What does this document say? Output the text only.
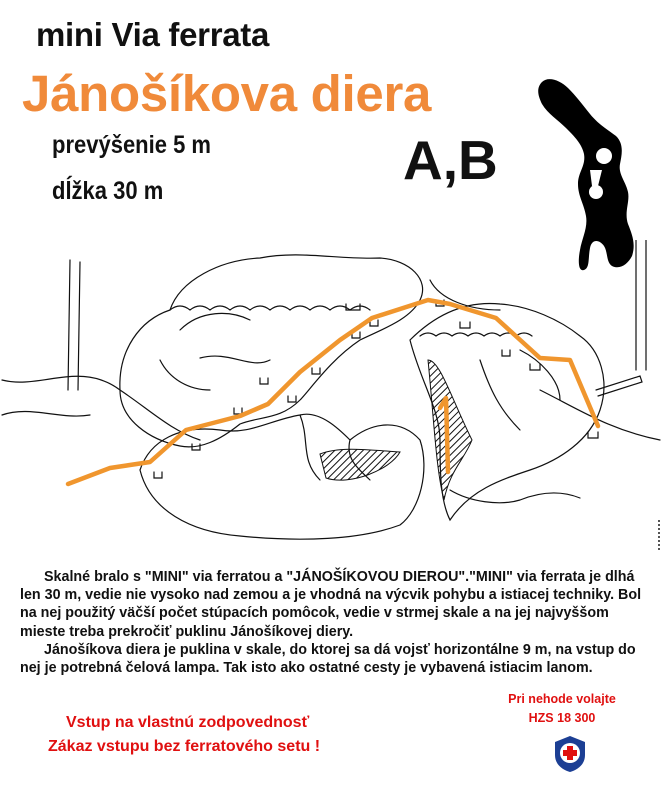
mini Via ferrata
Jánošíkova diera
prevýšenie 5 m
dĺžka 30 m	A,B

Skalné bralo s "MINI" via ferratou a "JÁNOŠÍKOVOU DIEROU"."MINI" via ferrata je dlhá len 30 m, vedie nie vysoko nad zemou a je vhodná na výcvik pohybu a istiacej techniky. Bol na nej použitý väčší počet stúpacích pomôcok, vedie v strmej skale a na jej najvyššom mieste treba prekročiť puklinu Jánošíkovej diery.

Jánošíkova diera je puklina v skale, do ktorej sa dá vojsť horizontálne 9 m, na vstup do nej je potrebná čelová lampa. Tak isto ako ostatné cesty je vybavená istiacim lanom.

Vstup na vlastnú zodpovednosť
Zákaz vstupu bez ferratového setu !
Pri nehode volajte
HZS 18 300
